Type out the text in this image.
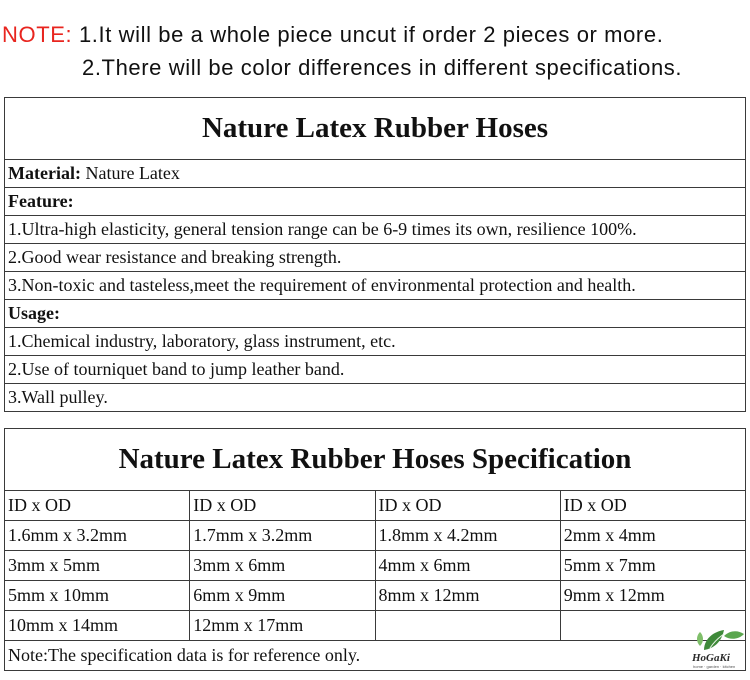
NOTE: 1.It will be a whole piece uncut if order 2 pieces or more.
2.There will be color differences in different specifications.
Nature Latex Rubber Hoses
Material: Nature Latex
Feature:
1.Ultra-high elasticity, general tension range can be 6-9 times its own, resilience 100%.
2.Good wear resistance and breaking strength.
3.Non-toxic and tasteless,meet the requirement of environmental protection and health.
Usage:
1.Chemical industry, laboratory, glass instrument, etc.
2.Use of tourniquet band to jump leather band.
3.Wall pulley.
Nature Latex Rubber Hoses Specification			
ID x OD	ID x OD	ID x OD	ID x OD
1.6mm x 3.2mm	1.7mm x 3.2mm	1.8mm x 4.2mm	2mm x 4mm
3mm x 5mm	3mm x 6mm	4mm x 6mm	5mm x 7mm
5mm x 10mm	6mm x 9mm	8mm x 12mm	9mm x 12mm
10mm x 14mm	12mm x 17mm		
Note:The specification data is for reference only.				HoGaKi
home · garden · kitchen
